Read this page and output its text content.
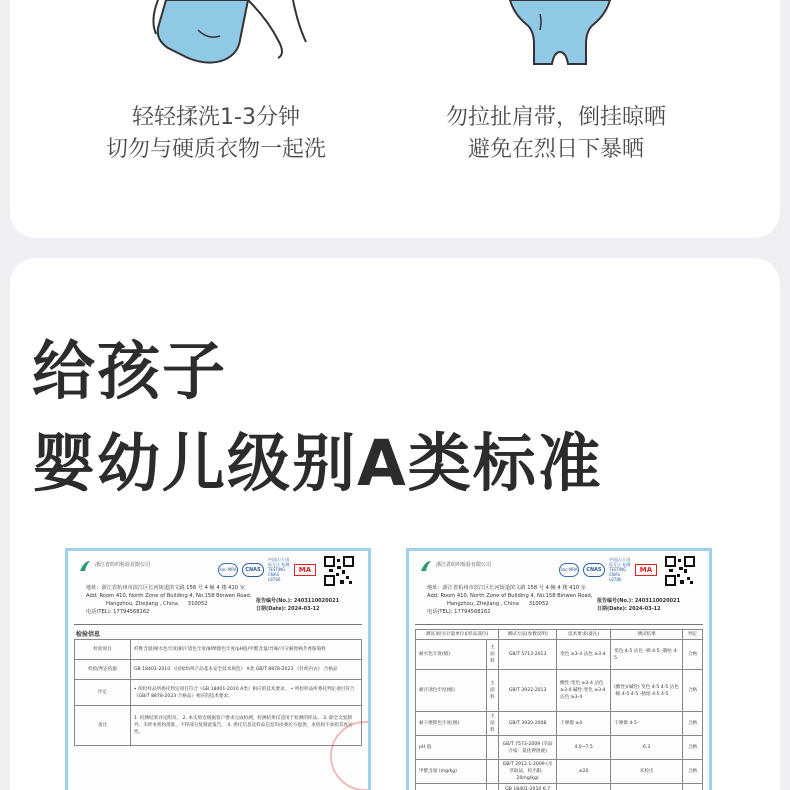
轻轻揉洗1-3分钟
切勿与硬质衣物一起洗
勿拉扯肩带，倒挂晾晒
避免在烈日下暴晒
给孩子
婴幼儿级别A类标准
浙江省纺织检验有限公司
ilac-MRA	CNAS
中国认可 国际互认 检测 TESTING CNAS L8780
MA
地址：浙江省杭州市滨江区长河街道滨文路 158 号 4 幢 4 楼 410 室
Add: Room 410, North Zone of Building 4, No.158 Binwen Road,
Hangzhou, Zhejiang , China 310052
电话(TEL): 17794568162
报告编号(No.): 2403110020021
日期(Date): 2024-03-12
检验信息
检验项目	纤维含量/耐水色牢度/耐汗渍色牢度/耐摩擦色牢度/pH值/甲醛含量/异味/可分解致癌芳香胺染料
检验/判定依据	GB 18401-2010 《国家纺织产品基本安全技术规范》 A类 GB/T 8878-2023 《针织内衣》 合格品
评定	• 所检样品所委托判定项目符合《GB 18401-2010 A类》相应的技术要求。 • 所检样品所委托判定项目符合《GB/T 8878-2023 合格品》相应的技术要求。
备注	1. 检测结果详见附页。 2. 本实验室根据客户要求完成检测，检测结果仅适用于检测的样品。 3. 除全文复制外，未经本机构批准，不得部分复制此报告。 4. 委托信息及样品信息均由委托方提供，本机构不承担其真实性。
浙江省纺织检验有限公司
ilac-MRA	CNAS
中国认可 国际互认 检测 TESTING CNAS L8780
MA
地址：浙江省杭州市滨江区长河街道滨文路 158 号 4 幢 4 楼 410 室
Add: Room 410, North Zone of Building 4, No.158 Binwen Road,
Hangzhou, Zhejiang , China 310052
电话(TEL): 17794568162
报告编号(No.): 2403110020021
日期(Date): 2024-03-12
测试项目(计量单位)[样品部位]		测试方法(参数说明)	技术要求(备注)	测试结果	判定
耐水色牢度(级)	主面料	GB/T 5713-2013	变色 ≥3-4 沾色 ≥3-4	变色 4-5 沾色 -棉 4-5 -腈纶 4-5	合格
耐汗渍色牢度(级)	主面料	GB/T 3922-2013	酸性:变色 ≥3-4 沾色 ≥3-4 碱性:变色 ≥3-4 沾色 ≥3-4	(酸性)(碱性) 变色 4-5 4-5 沾色 -棉 4-5 4-5 -腈纶 4-5 4-5	合格
耐干摩擦色牢度(级)	主面料	GB/T 3920-2008	干摩擦 ≥4	干摩擦 4-5	合格
pH 值		GB/T 7573-2009 (萃取介质：氯化钾溶液)	4.0~7.5	6.3	合格
甲醛含量 (mg/kg)		GB/T 2912.1-2009 (水萃取法，检出限：20mg/kg)	≤20	未检出	合格
		GB 18401-2010 6.7			
